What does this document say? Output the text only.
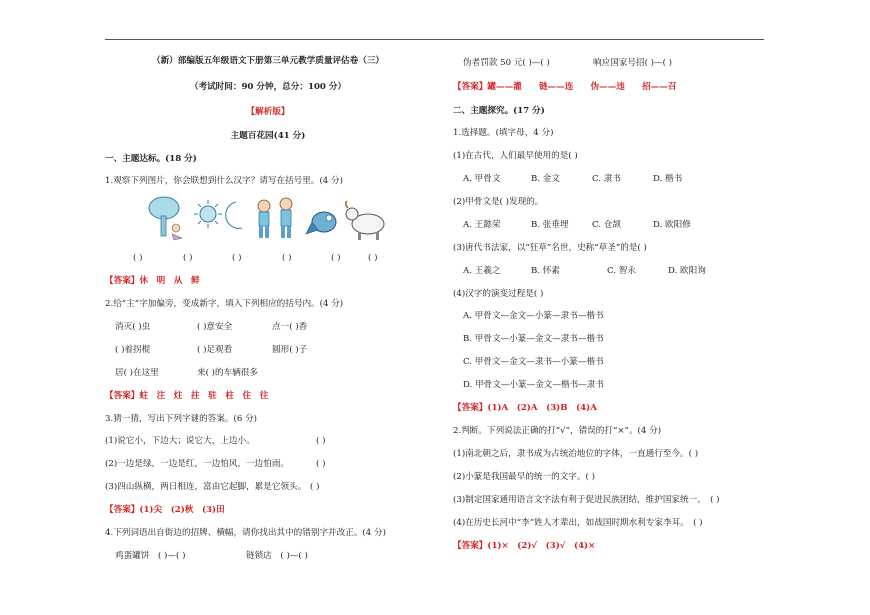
（新）部编版五年级语文下册第三单元教学质量评估卷（三）
（考试时间：90 分钟，总分：100 分）
【解析版】
主题百花园(41 分)
一、主题达标。(18 分)
1.观察下列图片，你会联想到什么汉字？请写在括号里。(4 分)
( )	( )	( )	( )	( )	( )
【答案】休　明　从　鲜
2.给“主”字加偏旁，变成新字，填入下列相应的括号内。(4 分)
消灭( )虫	( )意安全	点一( )香
( )着拐棍	( )足观看	圆形( )子
居( )在这里	来( )的车辆很多
【答案】蛀　注　炷　拄　驻　柱　住　往
3.猜一猜，写出下列字谜的答案。(6 分)
(1)说它小，下边大；说它大，上边小。	( )
(2)一边是绿，一边是红，一边怕风，一边怕雨。	( )
(3)四山纵横，两日相连，富由它起脚，累是它领头。 ( )
【答案】(1)尖　(2)秋　(3)田
4.下列词语出自街边的招牌、横幅，请你找出其中的错别字并改正。(4 分)
鸡蛋罐饼　( )—( )	链锁店　( )—( )
伪者罚款 50 元( )—( )	响应国家号招( )—( )
【答案】罐——灌　　链——连　　伪——违　　招——召
二、主题探究。(17 分)
1.选择题。(填字母，4 分)
(1)在古代，人们最早使用的是( )
A. 甲骨文	B. 金文	C. 隶书	D. 楷书
(2)甲骨文是( )发现的。
A. 王懿荣	B. 张垂埋	C. 仓颉	D. 欧阳修
(3)唐代书法家，以“狂草”名世，史称“草圣”的是( )
A. 王羲之	B. 怀素	C. 智永	D. 欧阳询
(4)汉字的演变过程是( )
A. 甲骨文—金文—小篆—隶书—楷书
B. 甲骨文—小篆—金文—隶书—楷书
C. 甲骨文—金文—隶书—小篆—楷书
D. 甲骨文—小篆—金文—楷书—隶书
【答案】(1)A　(2)A　(3)B　(4)A
2.判断。下列说法正确的打“√”，错误的打“×”。(4 分)
(1)南北朝之后，隶书成为占统治地位的字体，一直通行至今。( )
(2)小篆是我国最早的统一的文字。( )
(3)制定国家通用语言文字法有利于促进民族团结，维护国家统一。　( )
(4)在历史长河中“李”姓人才辈出，如战国时期水利专家李耳。　( )
【答案】(1)×　(2)√　(3)√　(4)×
